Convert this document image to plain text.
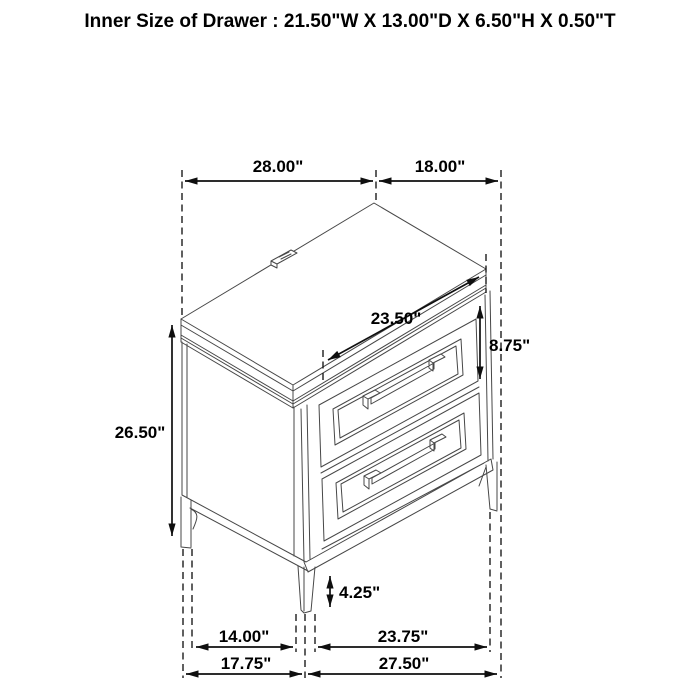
Inner Size of Drawer : 21.50"W X 13.00"D X 6.50"H X 0.50"T
28.00"	18.00"
23.50"
8.75"
26.50"
4.25"
14.00"	23.75"
17.75"	27.50"
